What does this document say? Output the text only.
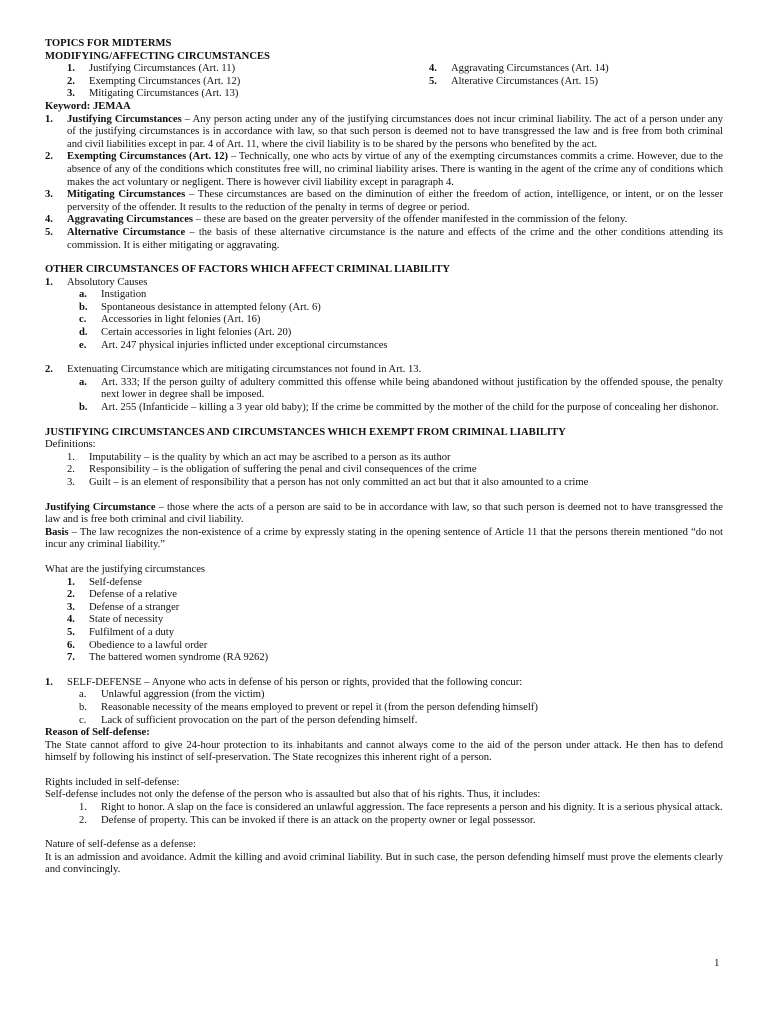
TOPICS FOR MIDTERMS
MODIFYING/AFFECTING CIRCUMSTANCES
1.	Justifying Circumstances (Art. 11)
2.	Exempting Circumstances (Art. 12)
3.	Mitigating Circumstances (Art. 13)
4.	Aggravating Circumstances (Art. 14)
5.	Alterative Circumstances (Art. 15)
Keyword: JEMAA
1.	Justifying Circumstances – Any person acting under any of the justifying circumstances does not incur criminal liability. The act of a person under any of the justifying circumstances is in accordance with law, so that such person is deemed not to have transgressed the law and is free from both criminal and civil liabilities except in par. 4 of Art. 11, where the civil liability is to be shared by the persons who benefited by the act.
2.	Exempting Circumstances (Art. 12) – Technically, one who acts by virtue of any of the exempting circumstances commits a crime. However, due to the absence of any of the conditions which constitutes free will, no criminal liability arises. There is wanting in the agent of the crime any of conditions which makes the act voluntary or negligent. There is however civil liability except in paragraph 4.
3.	Mitigating Circumstances – These circumstances are based on the diminution of either the freedom of action, intelligence, or intent, or on the lesser perversity of the offender. It results to the reduction of the penalty in terms of degree or period.
4.	Aggravating Circumstances – these are based on the greater perversity of the offender manifested in the commission of the felony.
5.	Alternative Circumstance – the basis of these alternative circumstance is the nature and effects of the crime and the other conditions attending its commission. It is either mitigating or aggravating.
OTHER CIRCUMSTANCES OF FACTORS WHICH AFFECT CRIMINAL LIABILITY
1.	Absolutory Causes
a.	Instigation
b.	Spontaneous desistance in attempted felony (Art. 6)
c.	Accessories in light felonies (Art. 16)
d.	Certain accessories in light felonies (Art. 20)
e.	Art. 247 physical injuries inflicted under exceptional circumstances
2.	Extenuating Circumstance which are mitigating circumstances not found in Art. 13.
a.	Art. 333; If the person guilty of adultery committed this offense while being abandoned without justification by the offended spouse, the penalty next lower in degree shall be imposed.
b.	Art. 255 (Infanticide – killing a 3 year old baby); If the crime be committed by the mother of the child for the purpose of concealing her dishonor.
JUSTIFYING CIRCUMSTANCES AND CIRCUMSTANCES WHICH EXEMPT FROM CRIMINAL LIABILITY
Definitions:
1.	Imputability – is the quality by which an act may be ascribed to a person as its author
2.	Responsibility – is the obligation of suffering the penal and civil consequences of the crime
3.	Guilt – is an element of responsibility that a person has not only committed an act but that it also amounted to a crime
Justifying Circumstance – those where the acts of a person are said to be in accordance with law, so that such person is deemed not to have transgressed the law and is free both criminal and civil liability.
Basis – The law recognizes the non-existence of a crime by expressly stating in the opening sentence of Article 11 that the persons therein mentioned “do not incur any criminal liability.”
What are the justifying circumstances
1.	Self-defense
2.	Defense of a relative
3.	Defense of a stranger
4.	State of necessity
5.	Fulfilment of a duty
6.	Obedience to a lawful order
7.	The battered women syndrome (RA 9262)
1.	SELF-DEFENSE – Anyone who acts in defense of his person or rights, provided that the following concur:
a.	Unlawful aggression (from the victim)
b.	Reasonable necessity of the means employed to prevent or repel it (from the person defending himself)
c.	Lack of sufficient provocation on the part of the person defending himself.
Reason of Self-defense:
The State cannot afford to give 24-hour protection to its inhabitants and cannot always come to the aid of the person under attack. He then has to defend himself by following his instinct of self-preservation. The State recognizes this inherent right of a person.
Rights included in self-defense:
Self-defense includes not only the defense of the person who is assaulted but also that of his rights. Thus, it includes:
1.	Right to honor. A slap on the face is considered an unlawful aggression. The face represents a person and his dignity. It is a serious physical attack.
2.	Defense of property. This can be invoked if there is an attack on the property owner or legal possessor.
Nature of self-defense as a defense:
It is an admission and avoidance. Admit the killing and avoid criminal liability. But in such case, the person defending himself must prove the elements clearly and convincingly.
1
